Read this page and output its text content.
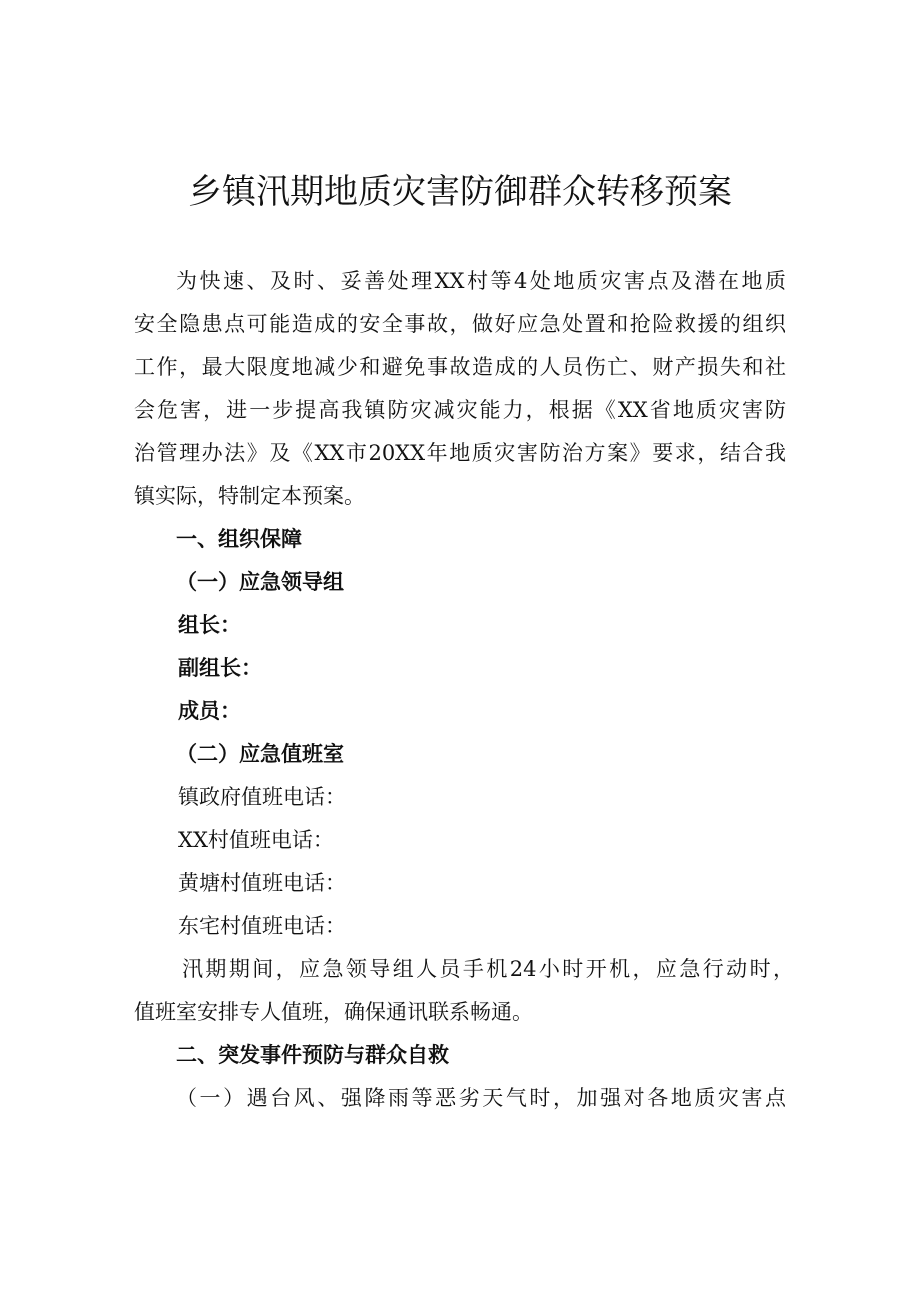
乡镇汛期地质灾害防御群众转移预案
为快速、及时、妥善处理XX村等4处地质灾害点及潜在地质
安全隐患点可能造成的安全事故，做好应急处置和抢险救援的组织
工作，最大限度地减少和避免事故造成的人员伤亡、财产损失和社
会危害，进一步提高我镇防灾减灾能力，根据《XX省地质灾害防
治管理办法》及《XX市20XX年地质灾害防治方案》要求，结合我
镇实际，特制定本预案。
一、组织保障
（一）应急领导组
组长：
副组长：
成员：
（二）应急值班室
镇政府值班电话：
XX村值班电话：
黄塘村值班电话：
东宅村值班电话：
汛期期间，应急领导组人员手机24小时开机，应急行动时，
值班室安排专人值班，确保通讯联系畅通。
二、突发事件预防与群众自救
（一）遇台风、强降雨等恶劣天气时，加强对各地质灾害点
